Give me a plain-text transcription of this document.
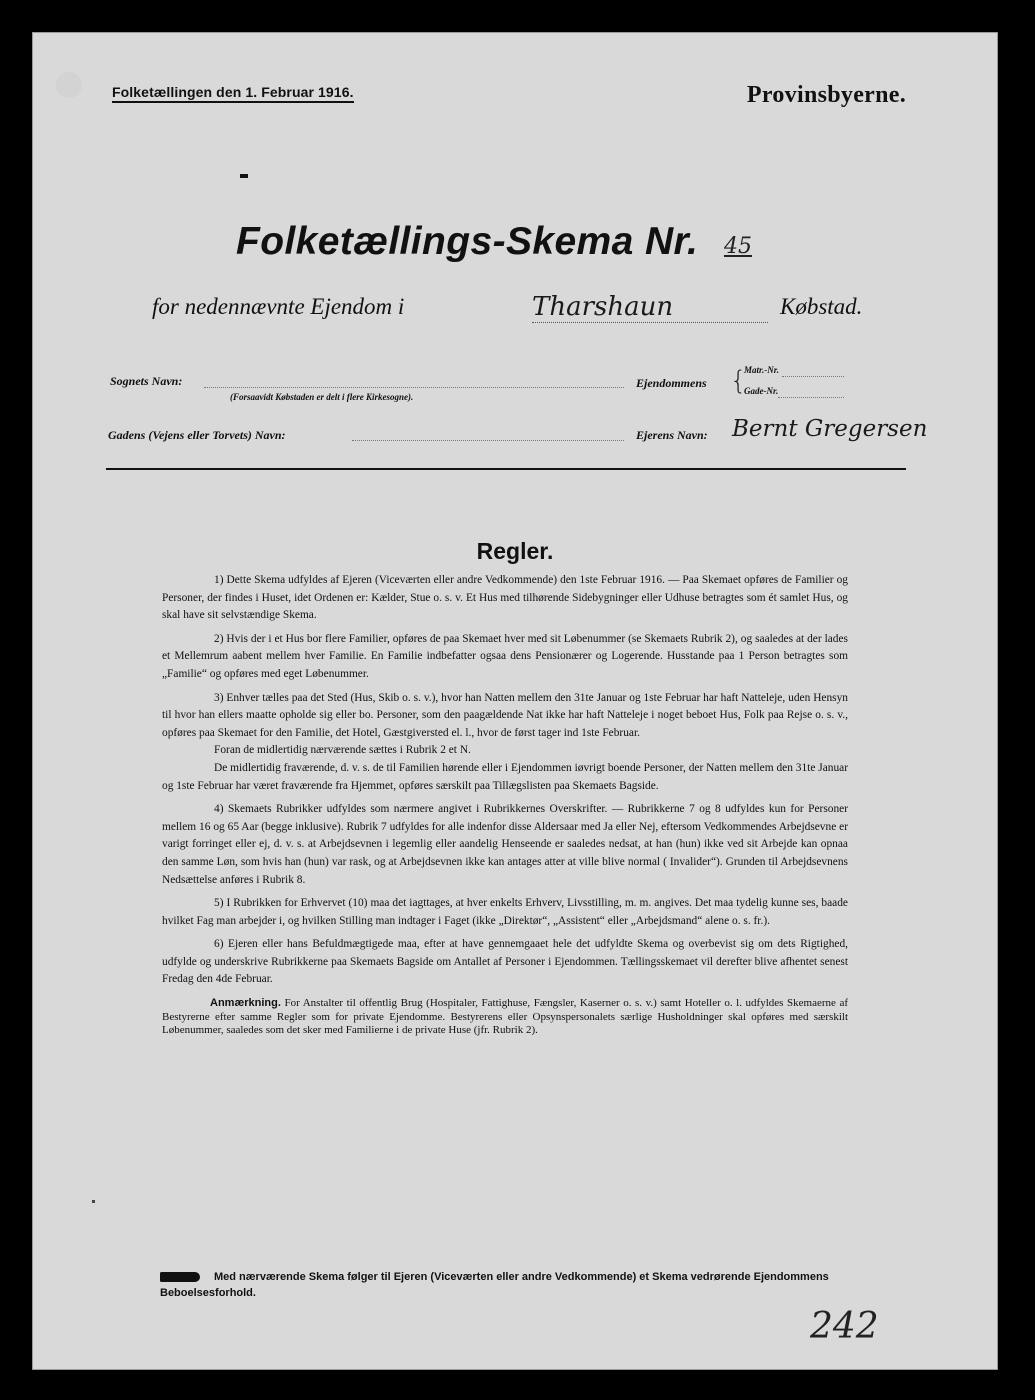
Folketællingen den 1. Februar 1916.	Provinsbyerne.
Folketællings-Skema Nr. 45
for nedennævnte Ejendom i	Tharshaun	Købstad.
Sognets Navn:
(Forsaavidt Købstaden er delt i flere Kirkesogne).
Ejendommens {
Matr.-Nr.
Gade-Nr.
Gadens (Vejens eller Torvets) Navn:	Ejerens Navn: Bernt Gregersen
Regler.

1) Dette Skema udfyldes af Ejeren (Viceværten eller andre Vedkommende) den 1ste Februar 1916. — Paa Skemaet opføres de Familier og Personer, der findes i Huset, idet Ordenen er: Kælder, Stue o. s. v. Et Hus med tilhørende Sidebygninger eller Udhuse betragtes som ét samlet Hus, og skal have sit selvstændige Skema.

2) Hvis der i et Hus bor flere Familier, opføres de paa Skemaet hver med sit Løbenummer (se Skemaets Rubrik 2), og saaledes at der lades et Mellemrum aabent mellem hver Familie. En Familie indbefatter ogsaa dens Pensionærer og Logerende. Husstande paa 1 Person betragtes som „Familie“ og opføres med eget Løbenummer.

3) Enhver tælles paa det Sted (Hus, Skib o. s. v.), hvor han Natten mellem den 31te Januar og 1ste Februar har haft Natteleje, uden Hensyn til hvor han ellers maatte opholde sig eller bo. Personer, som den paagældende Nat ikke har haft Natteleje i noget beboet Hus, Folk paa Rejse o. s. v., opføres paa Skemaet for den Familie, det Hotel, Gæstgiversted el. l., hvor de først tager ind 1ste Februar.

Foran de midlertidig nærværende sættes i Rubrik 2 et N.

De midlertidig fraværende, d. v. s. de til Familien hørende eller i Ejendommen iøvrigt boende Personer, der Natten mellem den 31te Januar og 1ste Februar har været fraværende fra Hjemmet, opføres særskilt paa Tillægslisten paa Skemaets Bagside.

4) Skemaets Rubrikker udfyldes som nærmere angivet i Rubrikkernes Overskrifter. — Rubrikkerne 7 og 8 udfyldes kun for Personer mellem 16 og 65 Aar (begge inklusive). Rubrik 7 udfyldes for alle indenfor disse Aldersaar med Ja eller Nej, eftersom Vedkommendes Arbejdsevne er varigt forringet eller ej, d. v. s. at Arbejdsevnen i legemlig eller aandelig Henseende er saaledes nedsat, at han (hun) ikke ved sit Arbejde kan opnaa den samme Løn, som hvis han (hun) var rask, og at Arbejdsevnen ikke kan antages atter at ville blive normal ( Invalider“). Grunden til Arbejdsevnens Nedsættelse anføres i Rubrik 8.

5) I Rubrikken for Erhvervet (10) maa det iagttages, at hver enkelts Erhverv, Livsstilling, m. m. angives. Det maa tydelig kunne ses, baade hvilket Fag man arbejder i, og hvilken Stilling man indtager i Faget (ikke „Direktør“, „Assistent“ eller „Arbejdsmand“ alene o. s. fr.).

6) Ejeren eller hans Befuldmægtigede maa, efter at have gennemgaaet hele det udfyldte Skema og overbevist sig om dets Rigtighed, udfylde og underskrive Rubrikkerne paa Skemaets Bagside om Antallet af Personer i Ejendommen. Tællingsskemaet vil derefter blive afhentet senest Fredag den 4de Februar.

Anmærkning. For Anstalter til offentlig Brug (Hospitaler, Fattighuse, Fængsler, Kaserner o. s. v.) samt Hoteller o. l. udfyldes Skemaerne af Bestyrerne efter samme Regler som for private Ejendomme. Bestyrerens eller Opsynspersonalets særlige Husholdninger skal opføres med særskilt Løbenummer, saaledes som det sker med Familierne i de private Huse (jfr. Rubrik 2).

Med nærværende Skema følger til Ejeren (Viceværten eller andre Vedkommende) et Skema vedrørende Ejendommens Beboelsesforhold.
242
